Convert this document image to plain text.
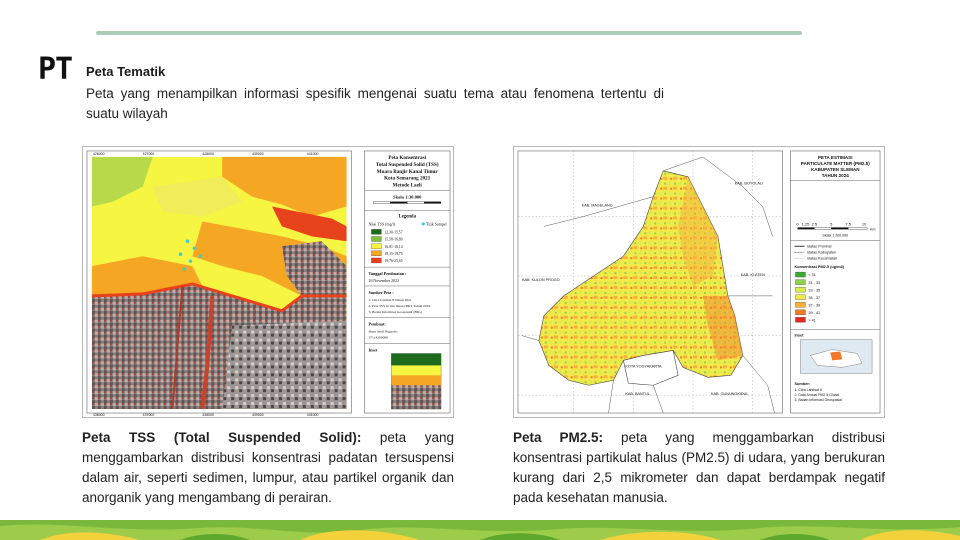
PT Peta Tematik
Peta yang menampilkan informasi spesifik mengenai suatu tema atau fenomena tertentu di suatu wilayah
426000	427000	428000	439000	441000
436000	437000	438000	439000	441000
Peta Konsentrasi
Total Suspended Solid (TSS)
Muara Banjir Kanal Timur
Kota Semarang 2021
Metode Laeli
Skala 1:30.000
Legenda
Nilai TSS (mg/l)	Titik Sampel
12,30-15,57
15,58-16,80
16,81-18,14
18,15-19,75
19,76-25,65
Tanggal Pembuatan :
26 November 2022
Sumber Peta :
1. Citra Landsat 8 Tahun 2021
2. Peta TSS in situ muara BKT Tahun 2019
3. Badan Informasi Geospasial (BIG)
Pembuat:
Bayu Andi Nugroho
37114200006
Inset
KAB. BOYOLALI
KAB. MAGELANG
KAB. KLATEN
KAB. KULON PROGO
KOTA YOGYAKARTA
KAB. BANTUL	KAB. GUNUNGKIDUL
PETA ESTIMASI
PARTICULATE MATTER (PM2.5)
KABUPATEN SLEMAN
TAHUN 2024
0 1.25 2.5	5	7.5	10
Km
Skala 1:200.000
Batas Provinsi
Batas Kabupaten
Batas Kecamatan
Konsentrasi PM2.5 (ug/m3)
< 31
31 - 33
33 - 35
35 - 37
37 - 39
39 - 41
> 41
Inset
Sumber:
1. Citra Landsat 8
2. Data Annual PM2.5 Global
3. Badan Informasi Geospasial
Peta TSS (Total Suspended Solid): peta yang menggambarkan distribusi konsentrasi padatan tersuspensi dalam air, seperti sedimen, lumpur, atau partikel organik dan anorganik yang mengambang di perairan.
Peta PM2.5: peta yang menggambarkan distribusi konsentrasi partikulat halus (PM2.5) di udara, yang berukuran kurang dari 2,5 mikrometer dan dapat berdampak negatif pada kesehatan manusia.
